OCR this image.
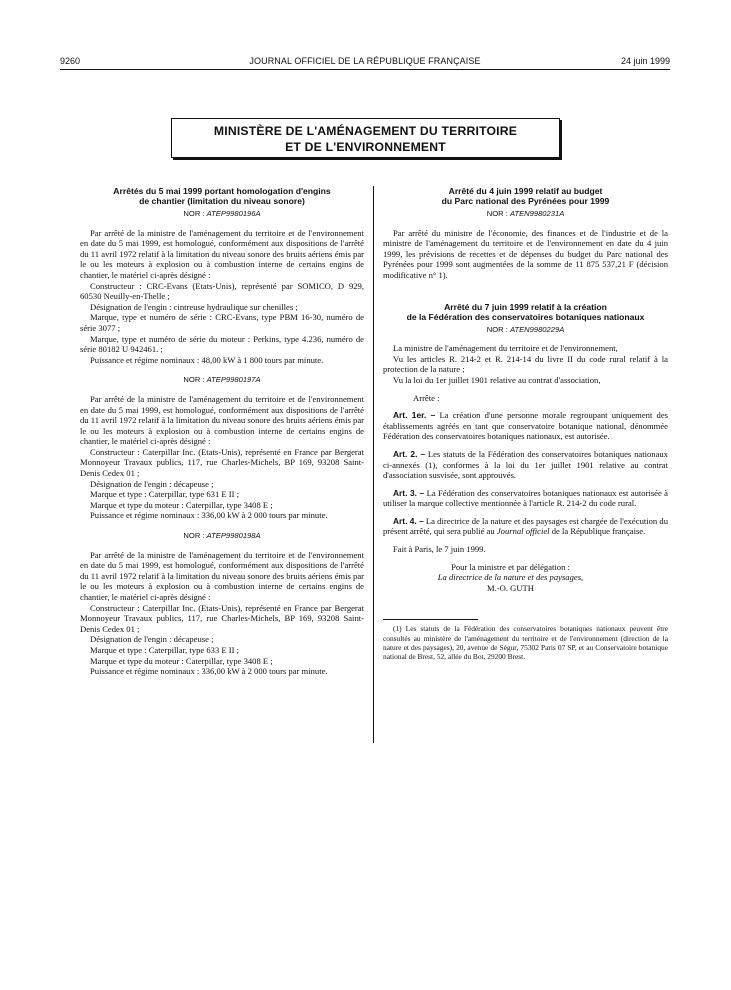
9260	JOURNAL OFFICIEL DE LA RÉPUBLIQUE FRANÇAISE	24 juin 1999
MINISTÈRE DE L'AMÉNAGEMENT DU TERRITOIRE
ET DE L'ENVIRONNEMENT
Arrêtés du 5 mai 1999 portant homologation d'engins
de chantier (limitation du niveau sonore)
NOR : ATEP9980196A

Par arrêté de la ministre de l'aménagement du territoire et de l'environnement en date du 5 mai 1999, est homologué, conformément aux dispositions de l'arrêté du 11 avril 1972 relatif à la limitation du niveau sonore des bruits aériens émis par le ou les moteurs à explosion ou à combustion interne de certains engins de chantier, le matériel ci-après désigné :

Constructeur : CRC-Evans (Etats-Unis), représenté par SOMICO, D 929, 60530 Neuilly-en-Thelle ;

Désignation de l'engin : cintreuse hydraulique sur chenilles ;

Marque, type et numéro de série : CRC-Evans, type PBM 16-30, numéro de série 3077 ;

Marque, type et numéro de série du moteur : Perkins, type 4.236, numéro de série 80182 U 942461. ;

Puissance et régime nominaux : 48,00 kW à 1 800 tours par minute.

NOR : ATEP9980197A

Par arrêté de la ministre de l'aménagement du territoire et de l'environnement en date du 5 mai 1999, est homologué, conformément aux dispositions de l'arrêté du 11 avril 1972 relatif à la limitation du niveau sonore des bruits aériens émis par le ou les moteurs à explosion ou à combustion interne de certains engins de chantier, le matériel ci-après désigné :

Constructeur : Caterpillar Inc. (Etats-Unis), représenté en France par Bergerat Monnoyeur Travaux publics, 117, rue Charles-Michels, BP 169, 93208 Saint-Denis Cedex 01 ;

Désignation de l'engin : décapeuse ;

Marque et type : Caterpillar, type 631 E II ;

Marque et type du moteur : Caterpillar, type 3408 E ;

Puissance et régime nominaux : 336,00 kW à 2 000 tours par minute.

NOR : ATEP9980198A

Par arrêté de la ministre de l'aménagement du territoire et de l'environnement en date du 5 mai 1999, est homologué, conformément aux dispositions de l'arrêté du 11 avril 1972 relatif à la limitation du niveau sonore des bruits aériens émis par le ou les moteurs à explosion ou à combustion interne de certains engins de chantier, le matériel ci-après désigné :

Constructeur : Caterpillar Inc. (Etats-Unis), représenté en France par Bergerat Monnoyeur Travaux publics, 117, rue Charles-Michels, BP 169, 93208 Saint-Denis Cedex 01 ;

Désignation de l'engin : décapeuse ;

Marque et type : Caterpillar, type 633 E II ;

Marque et type du moteur : Caterpillar, type 3408 E ;

Puissance et régime nominaux : 336,00 kW à 2 000 tours par minute.

Arrêté du 4 juin 1999 relatif au budget
du Parc national des Pyrénées pour 1999
NOR : ATEN9980231A

Par arrêté du ministre de l'économie, des finances et de l'industrie et de la ministre de l'aménagement du territoire et de l'environnement en date du 4 juin 1999, les prévisions de recettes et de dépenses du budget du Parc national des Pyrénées pour 1999 sont augmentées de la somme de 11 875 537,21 F (décision modificative n° 1).

Arrêté du 7 juin 1999 relatif à la création
de la Fédération des conservatoires botaniques nationaux
NOR : ATEN9980229A

La ministre de l'aménagement du territoire et de l'environnement,

Vu les articles R. 214-2 et R. 214-14 du livre II du code rural relatif à la protection de la nature ;

Vu la loi du 1er juillet 1901 relative au contrat d'association,

Arrête :

Art. 1er. – La création d'une personne morale regroupant uniquement des établissements agréés en tant que conservatoire botanique national, dénommée Fédération des conservatoires botaniques nationaux, est autorisée.

Art. 2. – Les statuts de la Fédération des conservatoires botaniques nationaux ci-annexés (1), conformes à la loi du 1er juillet 1901 relative au contrat d'association susvisée, sont approuvés.

Art. 3. – La Fédération des conservatoires botaniques nationaux est autorisée à utiliser la marque collective mentionnée à l'article R. 214-2 du code rural.

Art. 4. – La directrice de la nature et des paysages est chargée de l'exécution du présent arrêté, qui sera publié au Journal officiel de la République française.

Fait à Paris, le 7 juin 1999.

Pour la ministre et par délégation :

La directrice de la nature et des paysages,

M.-O. GUTH

(1) Les statuts de la Fédération des conservatoires botaniques nationaux peuvent être consultés au ministère de l'aménagement du territoire et de l'environnement (direction de la nature et des paysages), 20, avenue de Ségur, 75302 Paris 07 SP, et au Conservatoire botanique national de Brest, 52, allée du Bot, 29200 Brest.
